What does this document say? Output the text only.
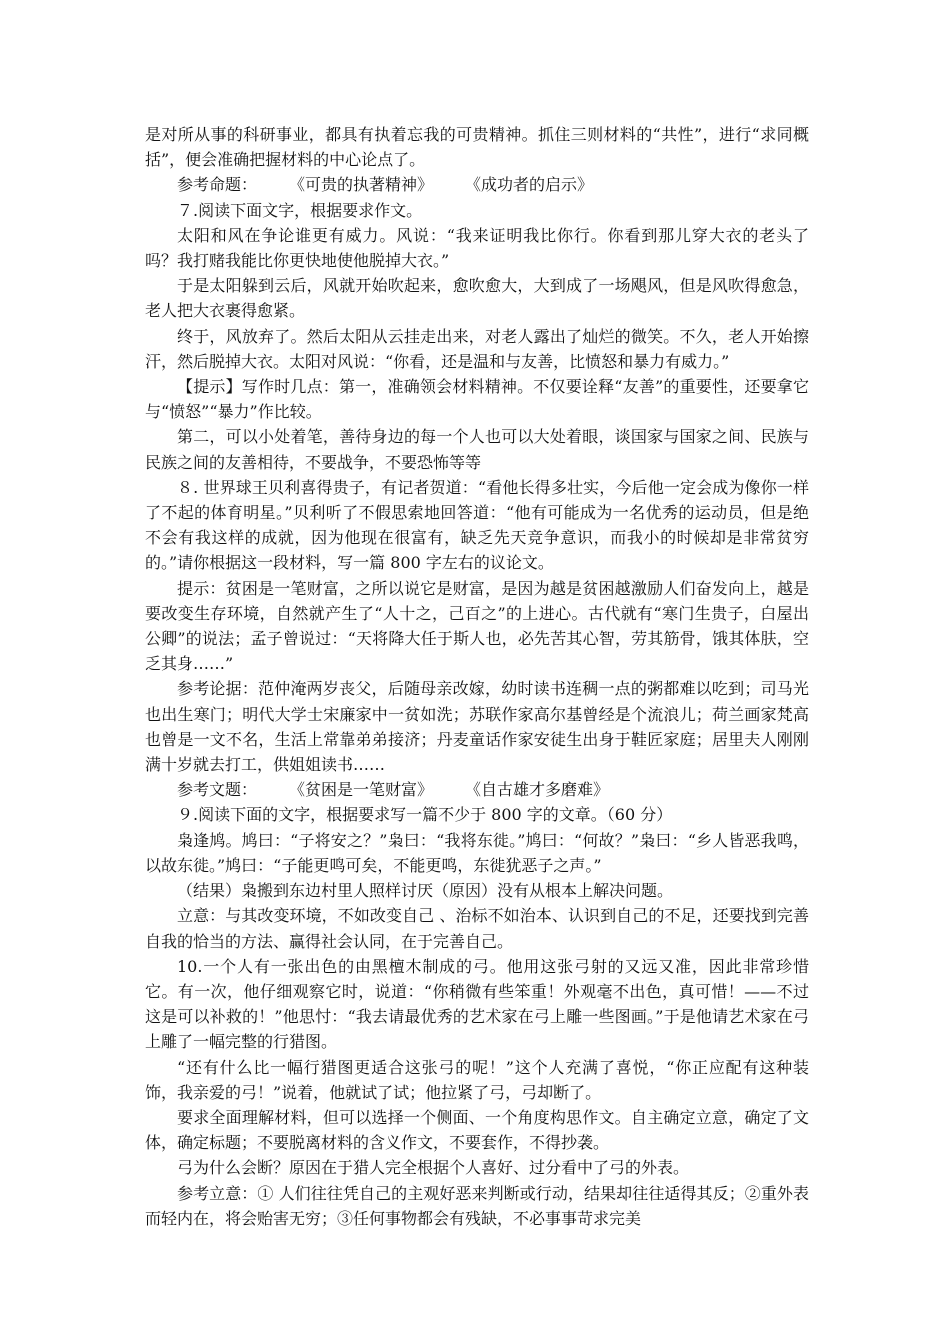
是对所从事的科研事业，都具有执着忘我的可贵精神。抓住三则材料的“共性”，进行“求同概括”，便会准确把握材料的中心论点了。

参考命题：　　　《可贵的执著精神》　　　《成功者的启示》

７.阅读下面文字，根据要求作文。

太阳和风在争论谁更有威力。风说：“我来证明我比你行。你看到那儿穿大衣的老头了吗？我打赌我能比你更快地使他脱掉大衣。”

于是太阳躲到云后，风就开始吹起来，愈吹愈大，大到成了一场飓风，但是风吹得愈急，老人把大衣裹得愈紧。

终于，风放弃了。然后太阳从云挂走出来，对老人露出了灿烂的微笑。不久，老人开始擦汗，然后脱掉大衣。太阳对风说：“你看，还是温和与友善，比愤怒和暴力有威力。”

【提示】写作时几点：第一，准确领会材料精神。不仅要诠释“友善”的重要性，还要拿它与“愤怒”“暴力”作比较。

第二，可以小处着笔，善待身边的每一个人也可以大处着眼，谈国家与国家之间、民族与民族之间的友善相待，不要战争，不要恐怖等等

８. 世界球王贝利喜得贵子，有记者贺道：“看他长得多壮实，今后他一定会成为像你一样了不起的体育明星。”贝利听了不假思索地回答道：“他有可能成为一名优秀的运动员，但是绝不会有我这样的成就，因为他现在很富有，缺乏先天竞争意识，而我小的时候却是非常贫穷的。”请你根据这一段材料，写一篇 800 字左右的议论文。

提示：贫困是一笔财富，之所以说它是财富，是因为越是贫困越激励人们奋发向上，越是要改变生存环境，自然就产生了“人十之，己百之”的上进心。古代就有“寒门生贵子，白屋出公卿”的说法；孟子曾说过：“天将降大任于斯人也，必先苦其心智，劳其筋骨，饿其体肤，空乏其身……”

参考论据：范仲淹两岁丧父，后随母亲改嫁，幼时读书连稠一点的粥都难以吃到；司马光也出生寒门；明代大学士宋廉家中一贫如洗；苏联作家高尔基曾经是个流浪儿；荷兰画家梵高也曾是一文不名，生活上常靠弟弟接济；丹麦童话作家安徒生出身于鞋匠家庭；居里夫人刚刚满十岁就去打工，供姐姐读书……

参考文题：　　　《贫困是一笔财富》　　　《自古雄才多磨难》

９.阅读下面的文字，根据要求写一篇不少于 800 字的文章。（60 分）

枭逢鸠。鸠曰：“子将安之？”枭曰：“我将东徙。”鸠曰：“何故？”枭曰：“乡人皆恶我鸣，以故东徙。”鸠曰：“子能更鸣可矣，不能更鸣，东徙犹恶子之声。”

（结果）枭搬到东边村里人照样讨厌（原因）没有从根本上解决问题。

立意：与其改变环境，不如改变自己 、治标不如治本、认识到自己的不足，还要找到完善自我的恰当的方法、赢得社会认同，在于完善自己。

10.一个人有一张出色的由黑檀木制成的弓。他用这张弓射的又远又准，因此非常珍惜它。有一次，他仔细观察它时，说道：“你稍微有些笨重！外观毫不出色，真可惜！——不过这是可以补救的！”他思忖：“我去请最优秀的艺术家在弓上雕一些图画。”于是他请艺术家在弓上雕了一幅完整的行猎图。

“还有什么比一幅行猎图更适合这张弓的呢！”这个人充满了喜悦，“你正应配有这种装饰，我亲爱的弓！”说着，他就试了试；他拉紧了弓，弓却断了。

要求全面理解材料，但可以选择一个侧面、一个角度构思作文。自主确定立意，确定了文体，确定标题；不要脱离材料的含义作文，不要套作，不得抄袭。

弓为什么会断？原因在于猎人完全根据个人喜好、过分看中了弓的外表。

参考立意：① 人们往往凭自己的主观好恶来判断或行动，结果却往往适得其反；②重外表而轻内在，将会贻害无穷；③任何事物都会有残缺，不必事事苛求完美
